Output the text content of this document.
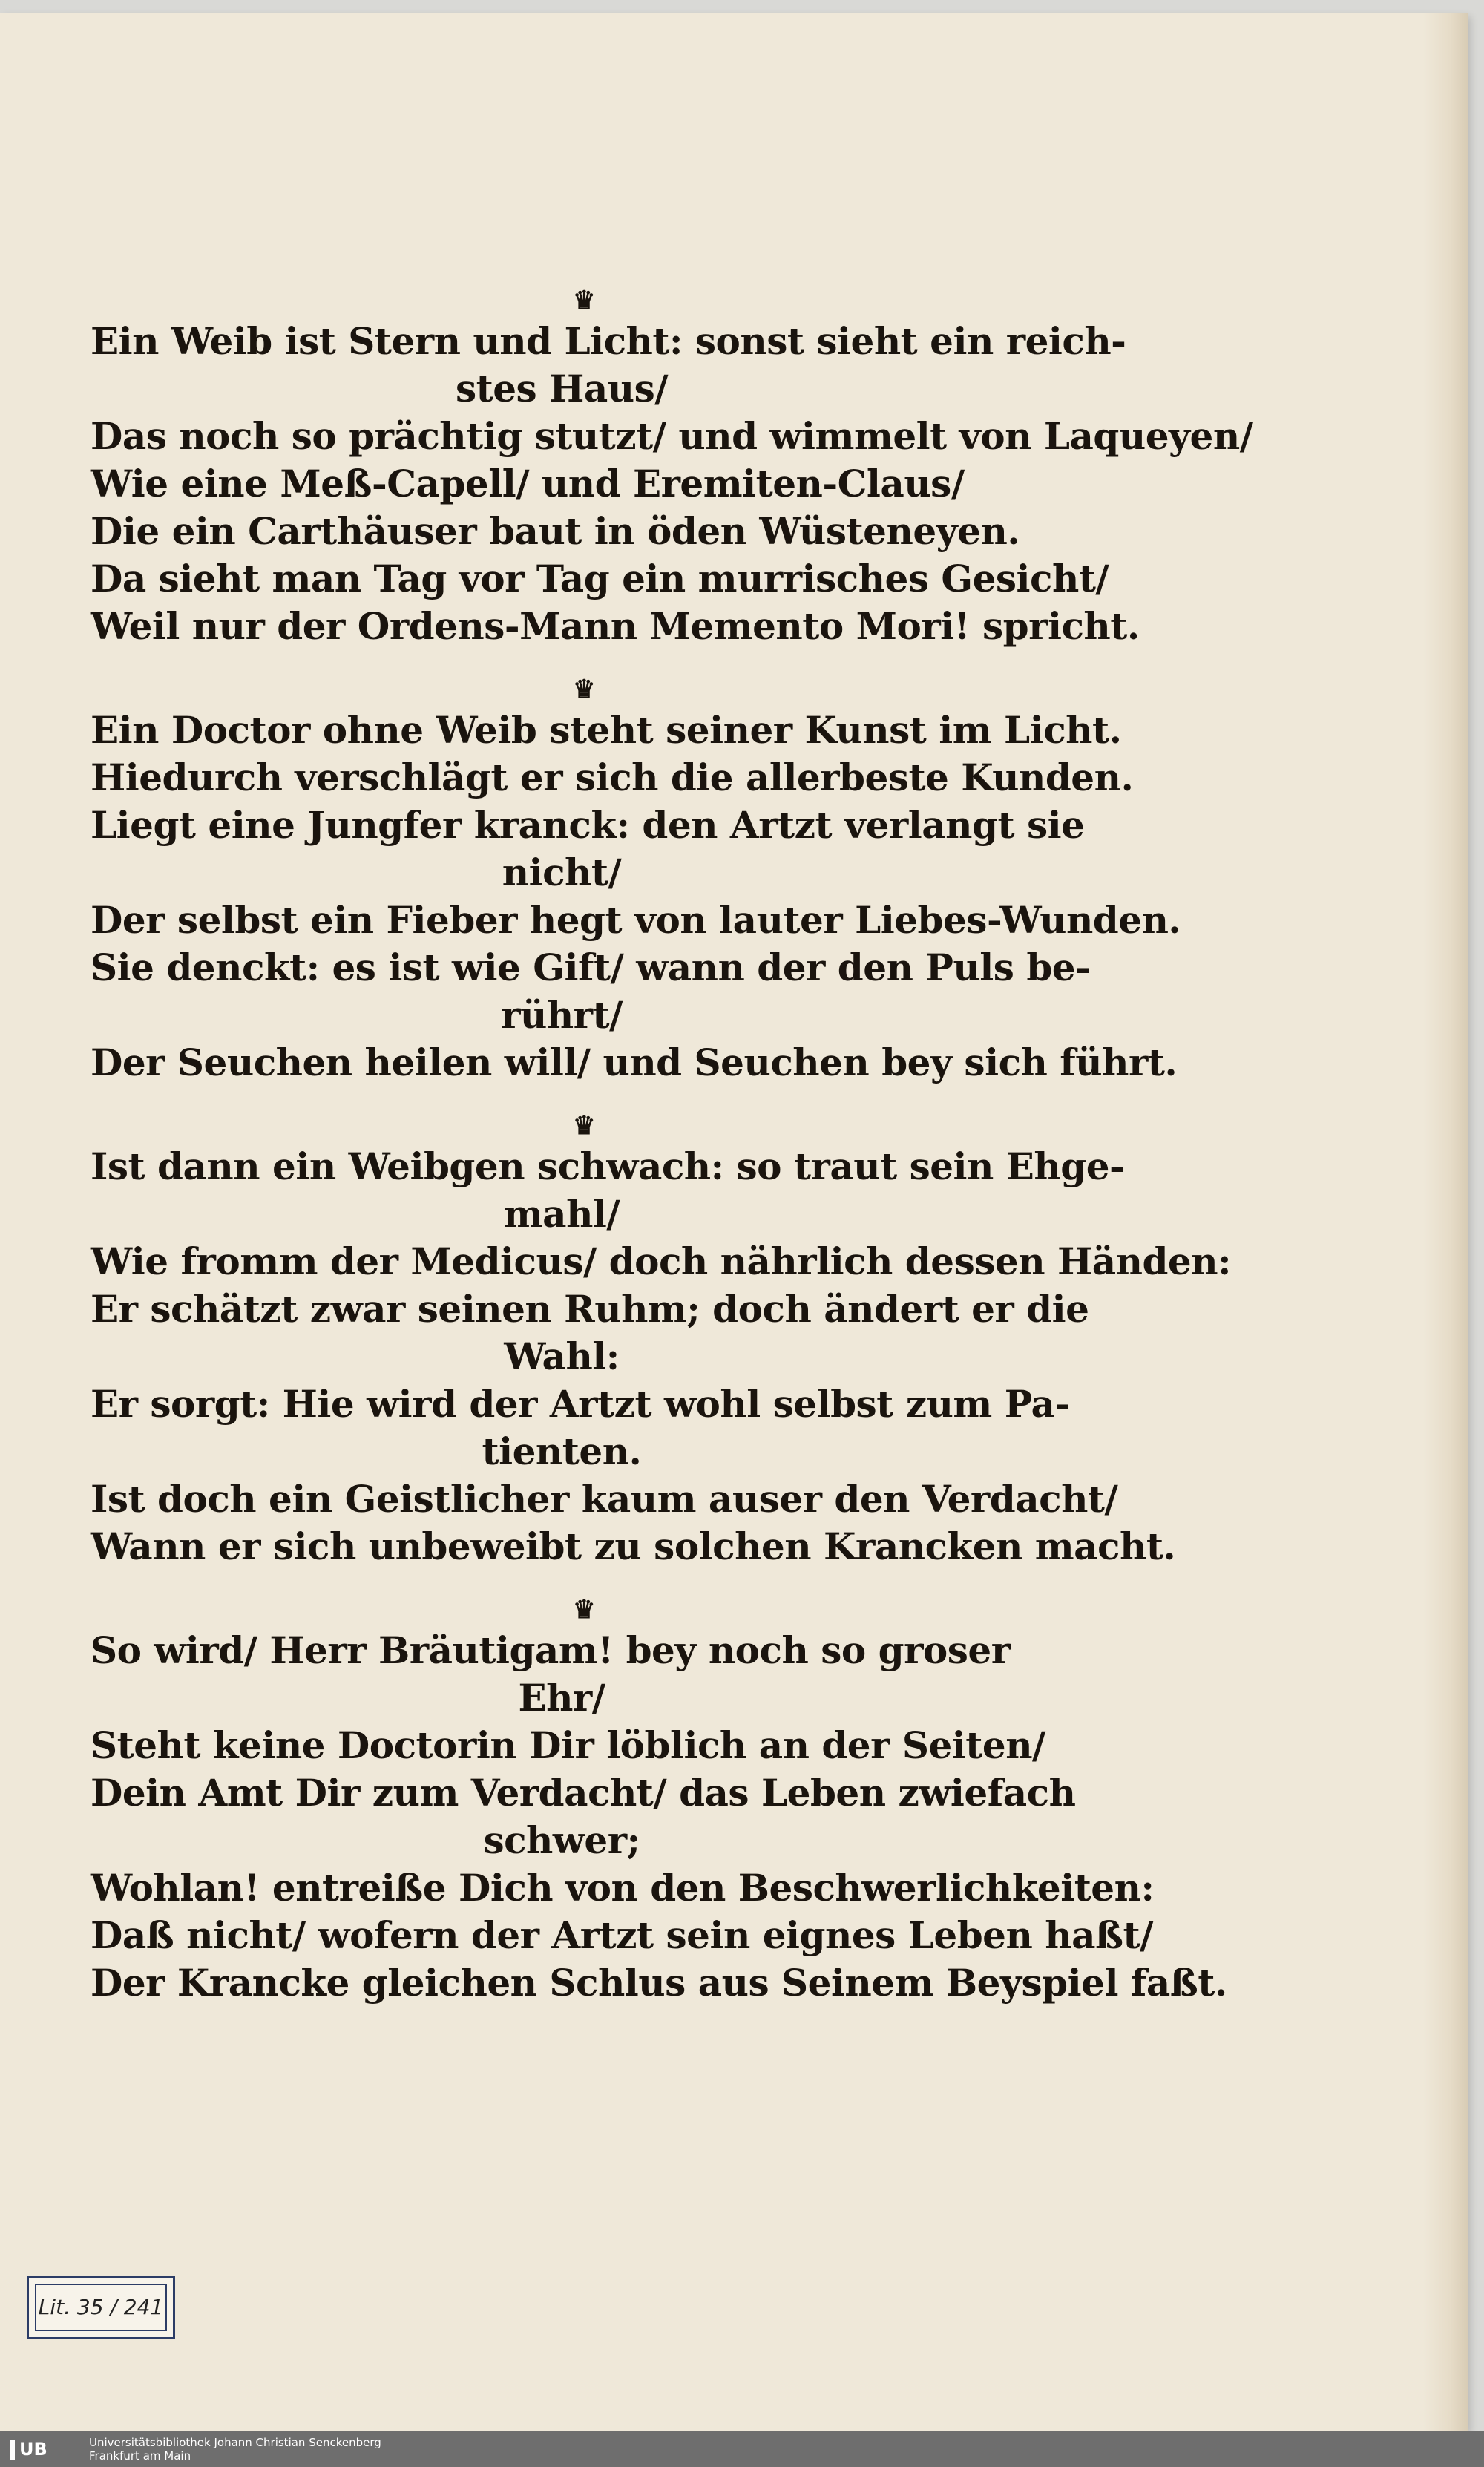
♛
Ein Weib ist Stern und Licht: sonst sieht ein reich-
stes Haus/
Das noch so prächtig stutzt/ und wimmelt von Laqueyen/
Wie eine Meß-Capell/ und Eremiten-Claus/
Die ein Carthäuser baut in öden Wüsteneyen.
Da sieht man Tag vor Tag ein murrisches Gesicht/
Weil nur der Ordens-Mann Memento Mori! spricht.
♛
Ein Doctor ohne Weib steht seiner Kunst im Licht.
Hiedurch verschlägt er sich die allerbeste Kunden.
Liegt eine Jungfer kranck: den Artzt verlangt sie
nicht/
Der selbst ein Fieber hegt von lauter Liebes-Wunden.
Sie denckt: es ist wie Gift/ wann der den Puls be-
rührt/
Der Seuchen heilen will/ und Seuchen bey sich führt.
♛
Ist dann ein Weibgen schwach: so traut sein Ehge-
mahl/
Wie fromm der Medicus/ doch nährlich dessen Händen:
Er schätzt zwar seinen Ruhm; doch ändert er die
Wahl:
Er sorgt: Hie wird der Artzt wohl selbst zum Pa-
tienten.
Ist doch ein Geistlicher kaum auser den Verdacht/
Wann er sich unbeweibt zu solchen Krancken macht.
♛
So wird/ Herr Bräutigam! bey noch so groser
Ehr/
Steht keine Doctorin Dir löblich an der Seiten/
Dein Amt Dir zum Verdacht/ das Leben zwiefach
schwer;
Wohlan! entreiße Dich von den Beschwerlichkeiten:
Daß nicht/ wofern der Artzt sein eignes Leben haßt/
Der Krancke gleichen Schlus aus Seinem Beyspiel faßt.
Lit. 35 / 241
UB	Universitätsbibliothek Johann Christian Senckenberg
Frankfurt am Main
